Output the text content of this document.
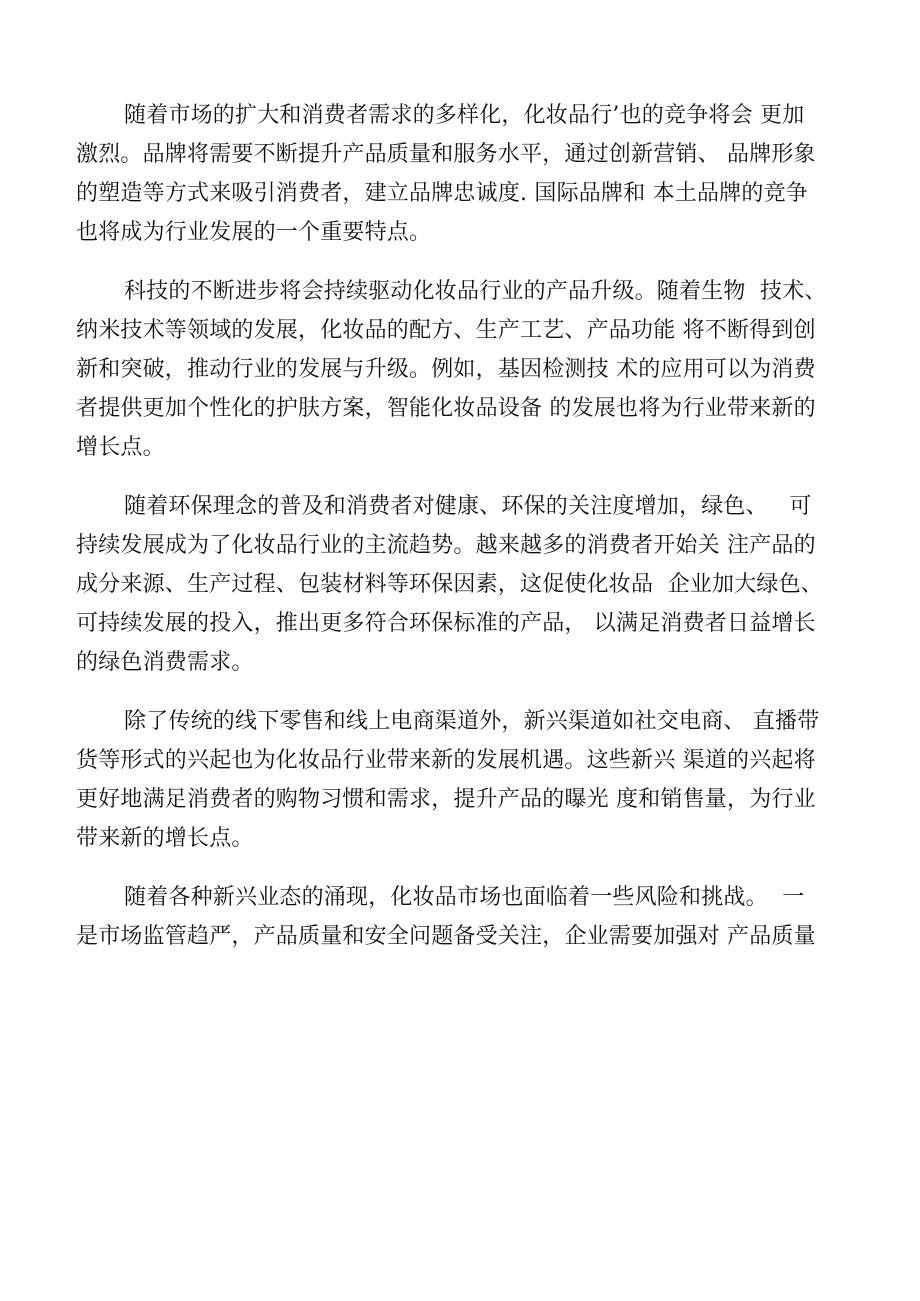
随着市场的扩大和消费者需求的多样化，化妆品行’也的竞争将会 更加
激烈。品牌将需要不断提升产品质量和服务水平，通过创新营销、 品牌形象
的塑造等方式来吸引消费者，建立品牌忠诚度. 国际品牌和 本土品牌的竞争
也将成为行业发展的一个重要特点。

科技的不断进步将会持续驱动化妆品行业的产品升级。随着生物  技术、
纳米技术等领域的发展，化妆品的配方、生产工艺、产品功能 将不断得到创
新和突破，推动行业的发展与升级。例如，基因检测技 术的应用可以为消费
者提供更加个性化的护肤方案，智能化妆品设备 的发展也将为行业带来新的
增长点。

随着环保理念的普及和消费者对健康、环保的关注度增加，绿色、   可
持续发展成为了化妆品行业的主流趋势。越来越多的消费者开始关 注产品的
成分来源、生产过程、包装材料等环保因素，这促使化妆品  企业加大绿色、
可持续发展的投入，推出更多符合环保标准的产品， 以满足消费者日益增长
的绿色消费需求。

除了传统的线下零售和线上电商渠道外，新兴渠道如社交电商、 直播带
货等形式的兴起也为化妆品行业带来新的发展机遇。这些新兴 渠道的兴起将
更好地满足消费者的购物习惯和需求，提升产品的曝光 度和销售量，为行业
带来新的增长点。

随着各种新兴业态的涌现，化妆品市场也面临着一些风险和挑战。  一
是市场监管趋严，产品质量和安全问题备受关注，企业需要加强对 产品质量
